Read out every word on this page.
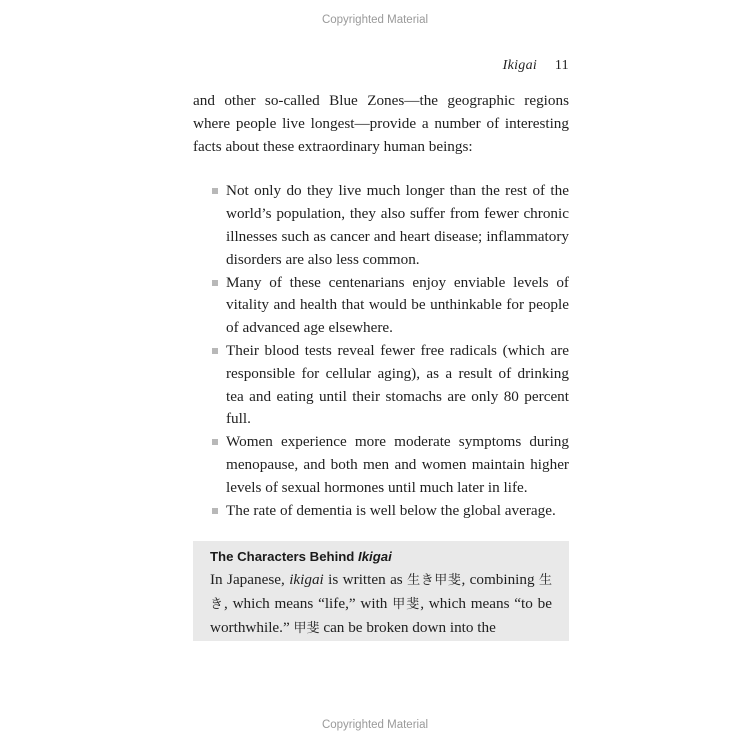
Copyrighted Material
Ikigai 11

and other so-called Blue Zones—the geographic regions where people live longest—provide a number of interesting facts about these extraordinary human beings:

Not only do they live much longer than the rest of the world’s population, they also suffer from fewer chronic illnesses such as cancer and heart disease; inflammatory disorders are also less common.
Many of these centenarians enjoy enviable levels of vitality and health that would be unthinkable for people of advanced age elsewhere.
Their blood tests reveal fewer free radicals (which are responsible for cellular aging), as a result of drinking tea and eating until their stomachs are only 80 percent full.
Women experience more moderate symptoms during menopause, and both men and women maintain higher levels of sexual hormones until much later in life.
The rate of dementia is well below the global average.

The Characters Behind Ikigai

In Japanese, ikigai is written as 生き甲斐, combining 生き, which means “life,” with 甲斐, which means “to be worthwhile.” 甲斐 can be broken down into the

Copyrighted Material
